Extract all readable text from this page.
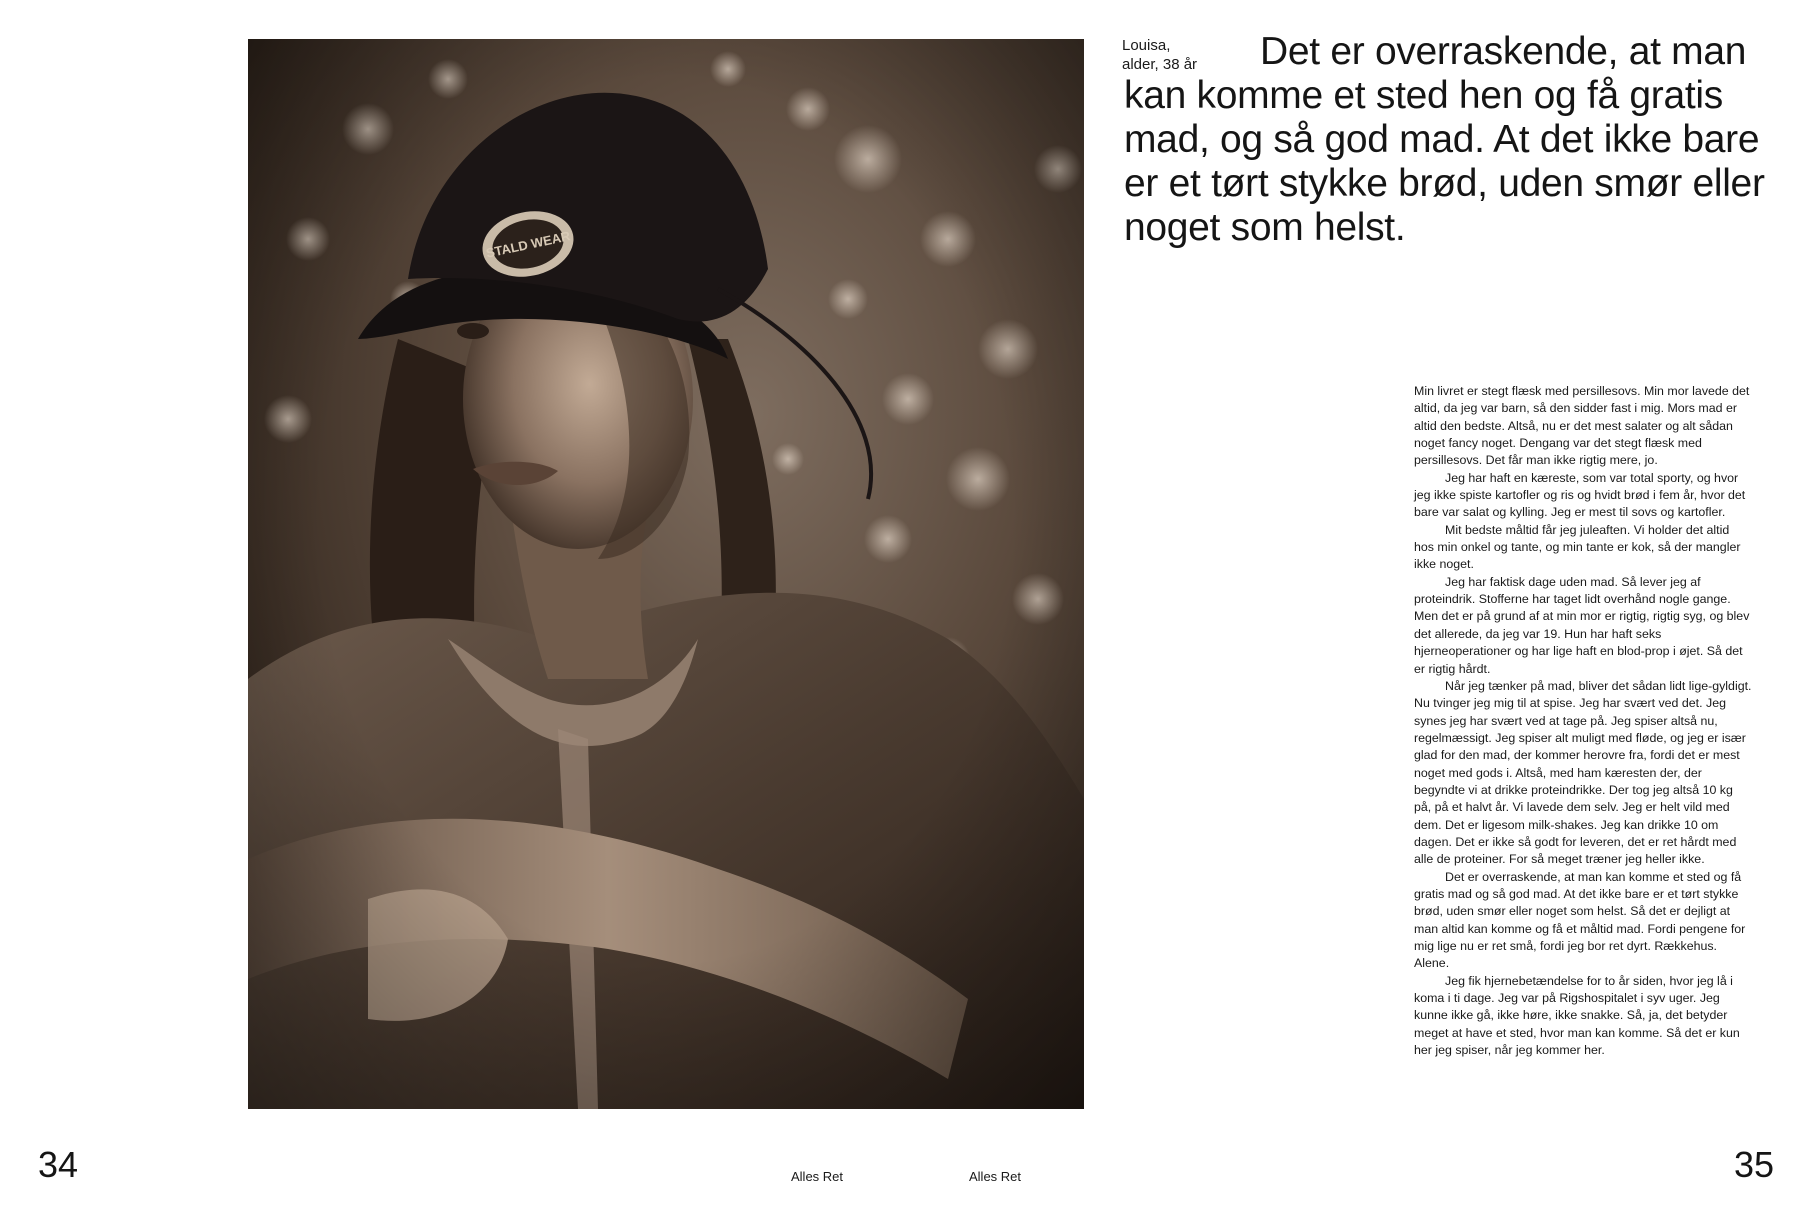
Louisa,
alder, 38 år	Det er overraskende, at man kan komme et sted hen og få gratis mad, og så god mad. At det ikke bare er et tørt stykke brød, uden smør eller noget som helst.

Min livret er stegt flæsk med persillesovs. Min mor lavede det altid, da jeg var barn, så den sidder fast i mig. Mors mad er altid den bedste. Altså, nu er det mest salater og alt sådan noget fancy noget. Dengang var det stegt flæsk med persillesovs. Det får man ikke rigtig mere, jo.

Jeg har haft en kæreste, som var total sporty, og hvor jeg ikke spiste kartofler og ris og hvidt brød i fem år, hvor det bare var salat og kylling. Jeg er mest til sovs og kartofler.

Mit bedste måltid får jeg juleaften. Vi holder det altid hos min onkel og tante, og min tante er kok, så der mangler ikke noget.

Jeg har faktisk dage uden mad. Så lever jeg af proteindrik. Stofferne har taget lidt overhånd nogle gange. Men det er på grund af at min mor er rigtig, rigtig syg, og blev det allerede, da jeg var 19. Hun har haft seks hjerneoperationer og har lige haft en blod-prop i øjet. Så det er rigtig hårdt.

Når jeg tænker på mad, bliver det sådan lidt lige-gyldigt. Nu tvinger jeg mig til at spise. Jeg har svært ved det. Jeg synes jeg har svært ved at tage på. Jeg spiser altså nu, regelmæssigt. Jeg spiser alt muligt med fløde, og jeg er især glad for den mad, der kommer herovre fra, fordi det er mest noget med gods i. Altså, med ham kæresten der, der begyndte vi at drikke proteindrikke. Der tog jeg altså 10 kg på, på et halvt år. Vi lavede dem selv. Jeg er helt vild med dem. Det er ligesom milk-shakes. Jeg kan drikke 10 om dagen. Det er ikke så godt for leveren, det er ret hårdt med alle de proteiner. For så meget træner jeg heller ikke.

Det er overraskende, at man kan komme et sted og få gratis mad og så god mad. At det ikke bare er et tørt stykke brød, uden smør eller noget som helst. Så det er dejligt at man altid kan komme og få et måltid mad. Fordi pengene for mig lige nu er ret små, fordi jeg bor ret dyrt. Rækkehus. Alene.

Jeg fik hjernebetændelse for to år siden, hvor jeg lå i koma i ti dage. Jeg var på Rigshospitalet i syv uger. Jeg kunne ikke gå, ikke høre, ikke snakke. Så, ja, det betyder meget at have et sted, hvor man kan komme. Så det er kun her jeg spiser, når jeg kommer her.

34	Alles Ret	Alles Ret	35
